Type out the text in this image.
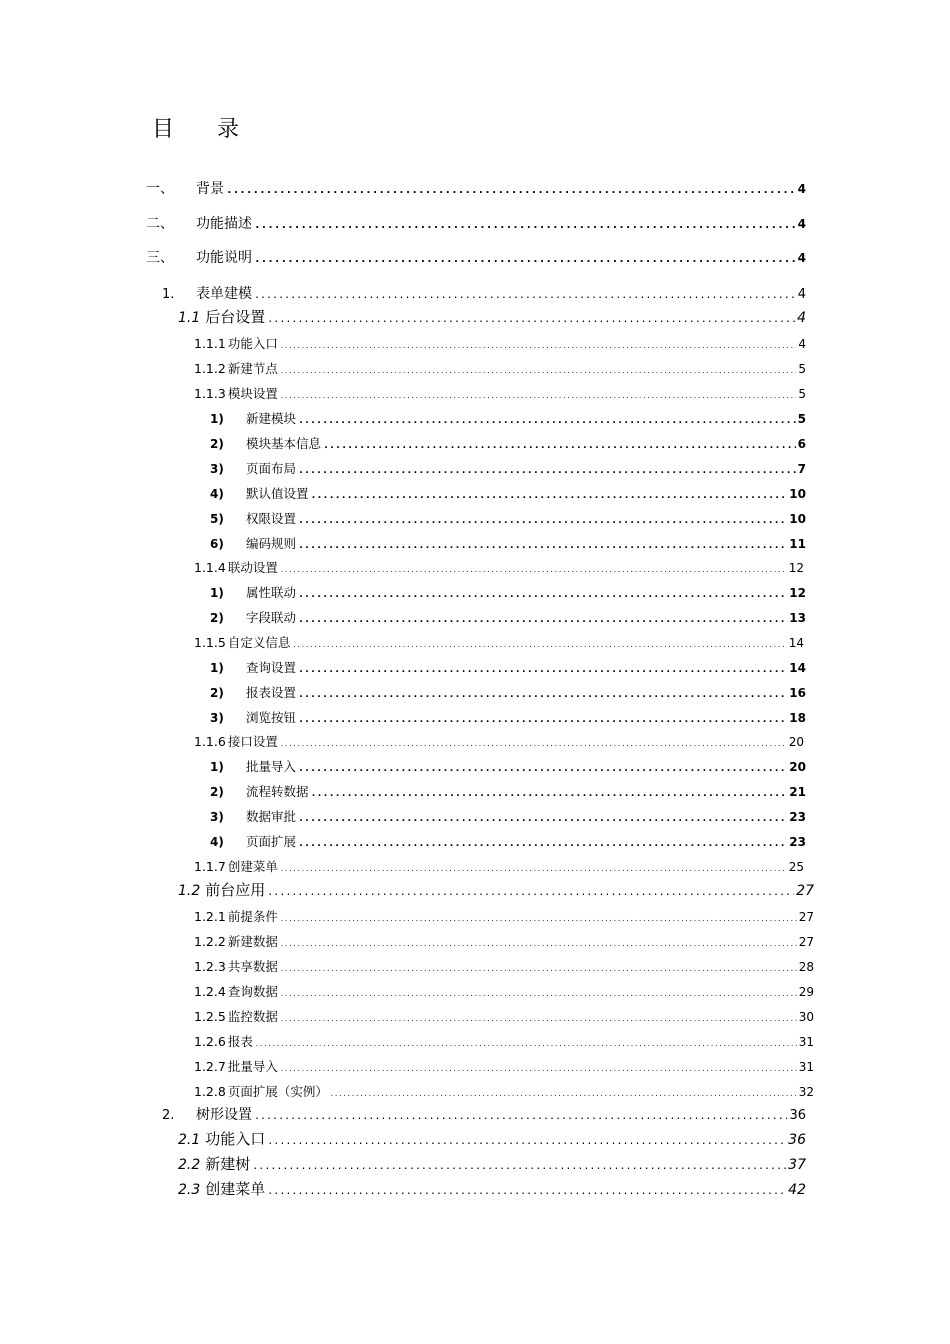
目 录
一、	背景 .....	4
二、	功能描述 .....	4
三、	功能说明 .....	4
1.	表单建模 .....	4
1.1 后台设置 .....	4
1.1.1 功能入口 .....	4
1.1.2 新建节点 .....	5
1.1.3 模块设置 .....	5
1)	新建模块 .....	5
2)	模块基本信息 .....	6
3)	页面布局 .....	7
4)	默认值设置 .....	10
5)	权限设置 .....	10
6)	编码规则 .....	11
1.1.4 联动设置 .....	12
1)	属性联动 .....	12
2)	字段联动 .....	13
1.1.5 自定义信息 .....	14
1)	查询设置 .....	14
2)	报表设置 .....	16
3)	浏览按钮 .....	18
1.1.6 接口设置 .....	20
1)	批量导入 .....	20
2)	流程转数据 .....	21
3)	数据审批 .....	23
4)	页面扩展 .....	23
1.1.7 创建菜单 .....	25
1.2 前台应用 .....	27
1.2.1 前提条件 .....	27
1.2.2 新建数据 .....	27
1.2.3 共享数据 .....	28
1.2.4 查询数据 .....	29
1.2.5 监控数据 .....	30
1.2.6 报表 .....	31
1.2.7 批量导入 .....	31
1.2.8 页面扩展（实例） .....	32
2.	树形设置 .....	36
2.1 功能入口 .....	36
2.2 新建树 .....	37
2.3 创建菜单 .....	42
